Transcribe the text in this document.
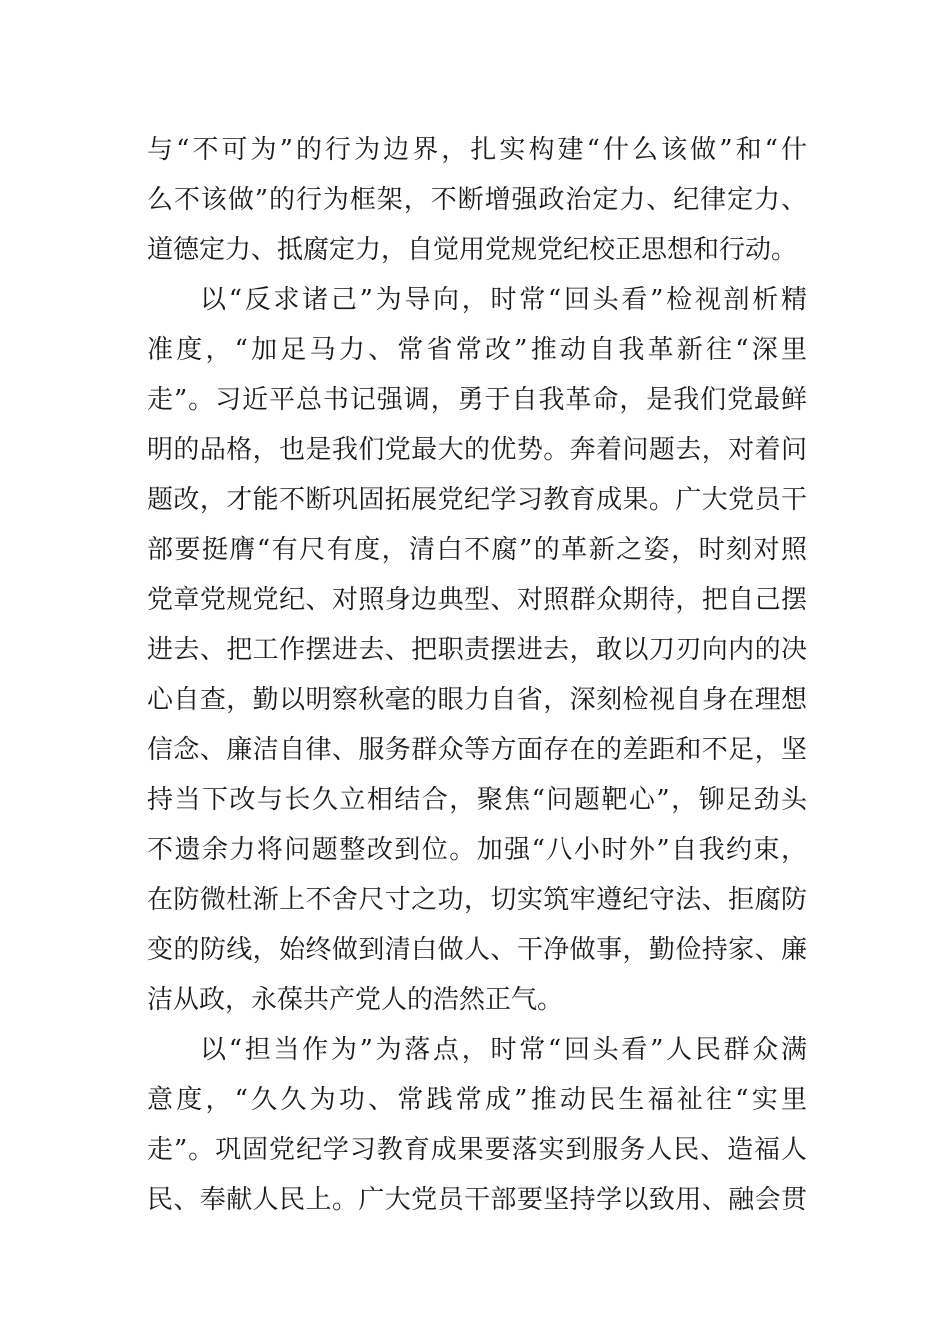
与“不可为”的行为边界，扎实构建“什么该做”和“什
么不该做”的行为框架，不断增强政治定力、纪律定力、
道德定力、抵腐定力，自觉用党规党纪校正思想和行动。
以“反求诸己”为导向，时常“回头看”检视剖析精
准度，“加足马力、常省常改”推动自我革新往“深里
走”。习近平总书记强调，勇于自我革命，是我们党最鲜
明的品格，也是我们党最大的优势。奔着问题去，对着问
题改，才能不断巩固拓展党纪学习教育成果。广大党员干
部要挺膺“有尺有度，清白不腐”的革新之姿，时刻对照
党章党规党纪、对照身边典型、对照群众期待，把自己摆
进去、把工作摆进去、把职责摆进去，敢以刀刃向内的决
心自查，勤以明察秋毫的眼力自省，深刻检视自身在理想
信念、廉洁自律、服务群众等方面存在的差距和不足，坚
持当下改与长久立相结合，聚焦“问题靶心”，铆足劲头
不遗余力将问题整改到位。加强“八小时外”自我约束，
在防微杜渐上不舍尺寸之功，切实筑牢遵纪守法、拒腐防
变的防线，始终做到清白做人、干净做事，勤俭持家、廉
洁从政，永葆共产党人的浩然正气。
以“担当作为”为落点，时常“回头看”人民群众满
意度，“久久为功、常践常成”推动民生福祉往“实里
走”。巩固党纪学习教育成果要落实到服务人民、造福人
民、奉献人民上。广大党员干部要坚持学以致用、融会贯
